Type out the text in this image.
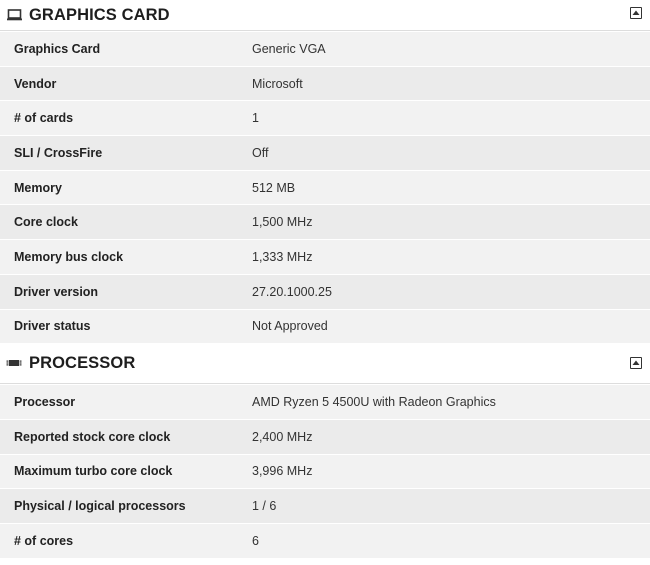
GRAPHICS CARD
Graphics Card	Generic VGA
Vendor	Microsoft
# of cards	1
SLI / CrossFire	Off
Memory	512 MB
Core clock	1,500 MHz
Memory bus clock	1,333 MHz
Driver version	27.20.1000.25
Driver status	Not Approved
PROCESSOR
Processor	AMD Ryzen 5 4500U with Radeon Graphics
Reported stock core clock	2,400 MHz
Maximum turbo core clock	3,996 MHz
Physical / logical processors	1 / 6
# of cores	6
